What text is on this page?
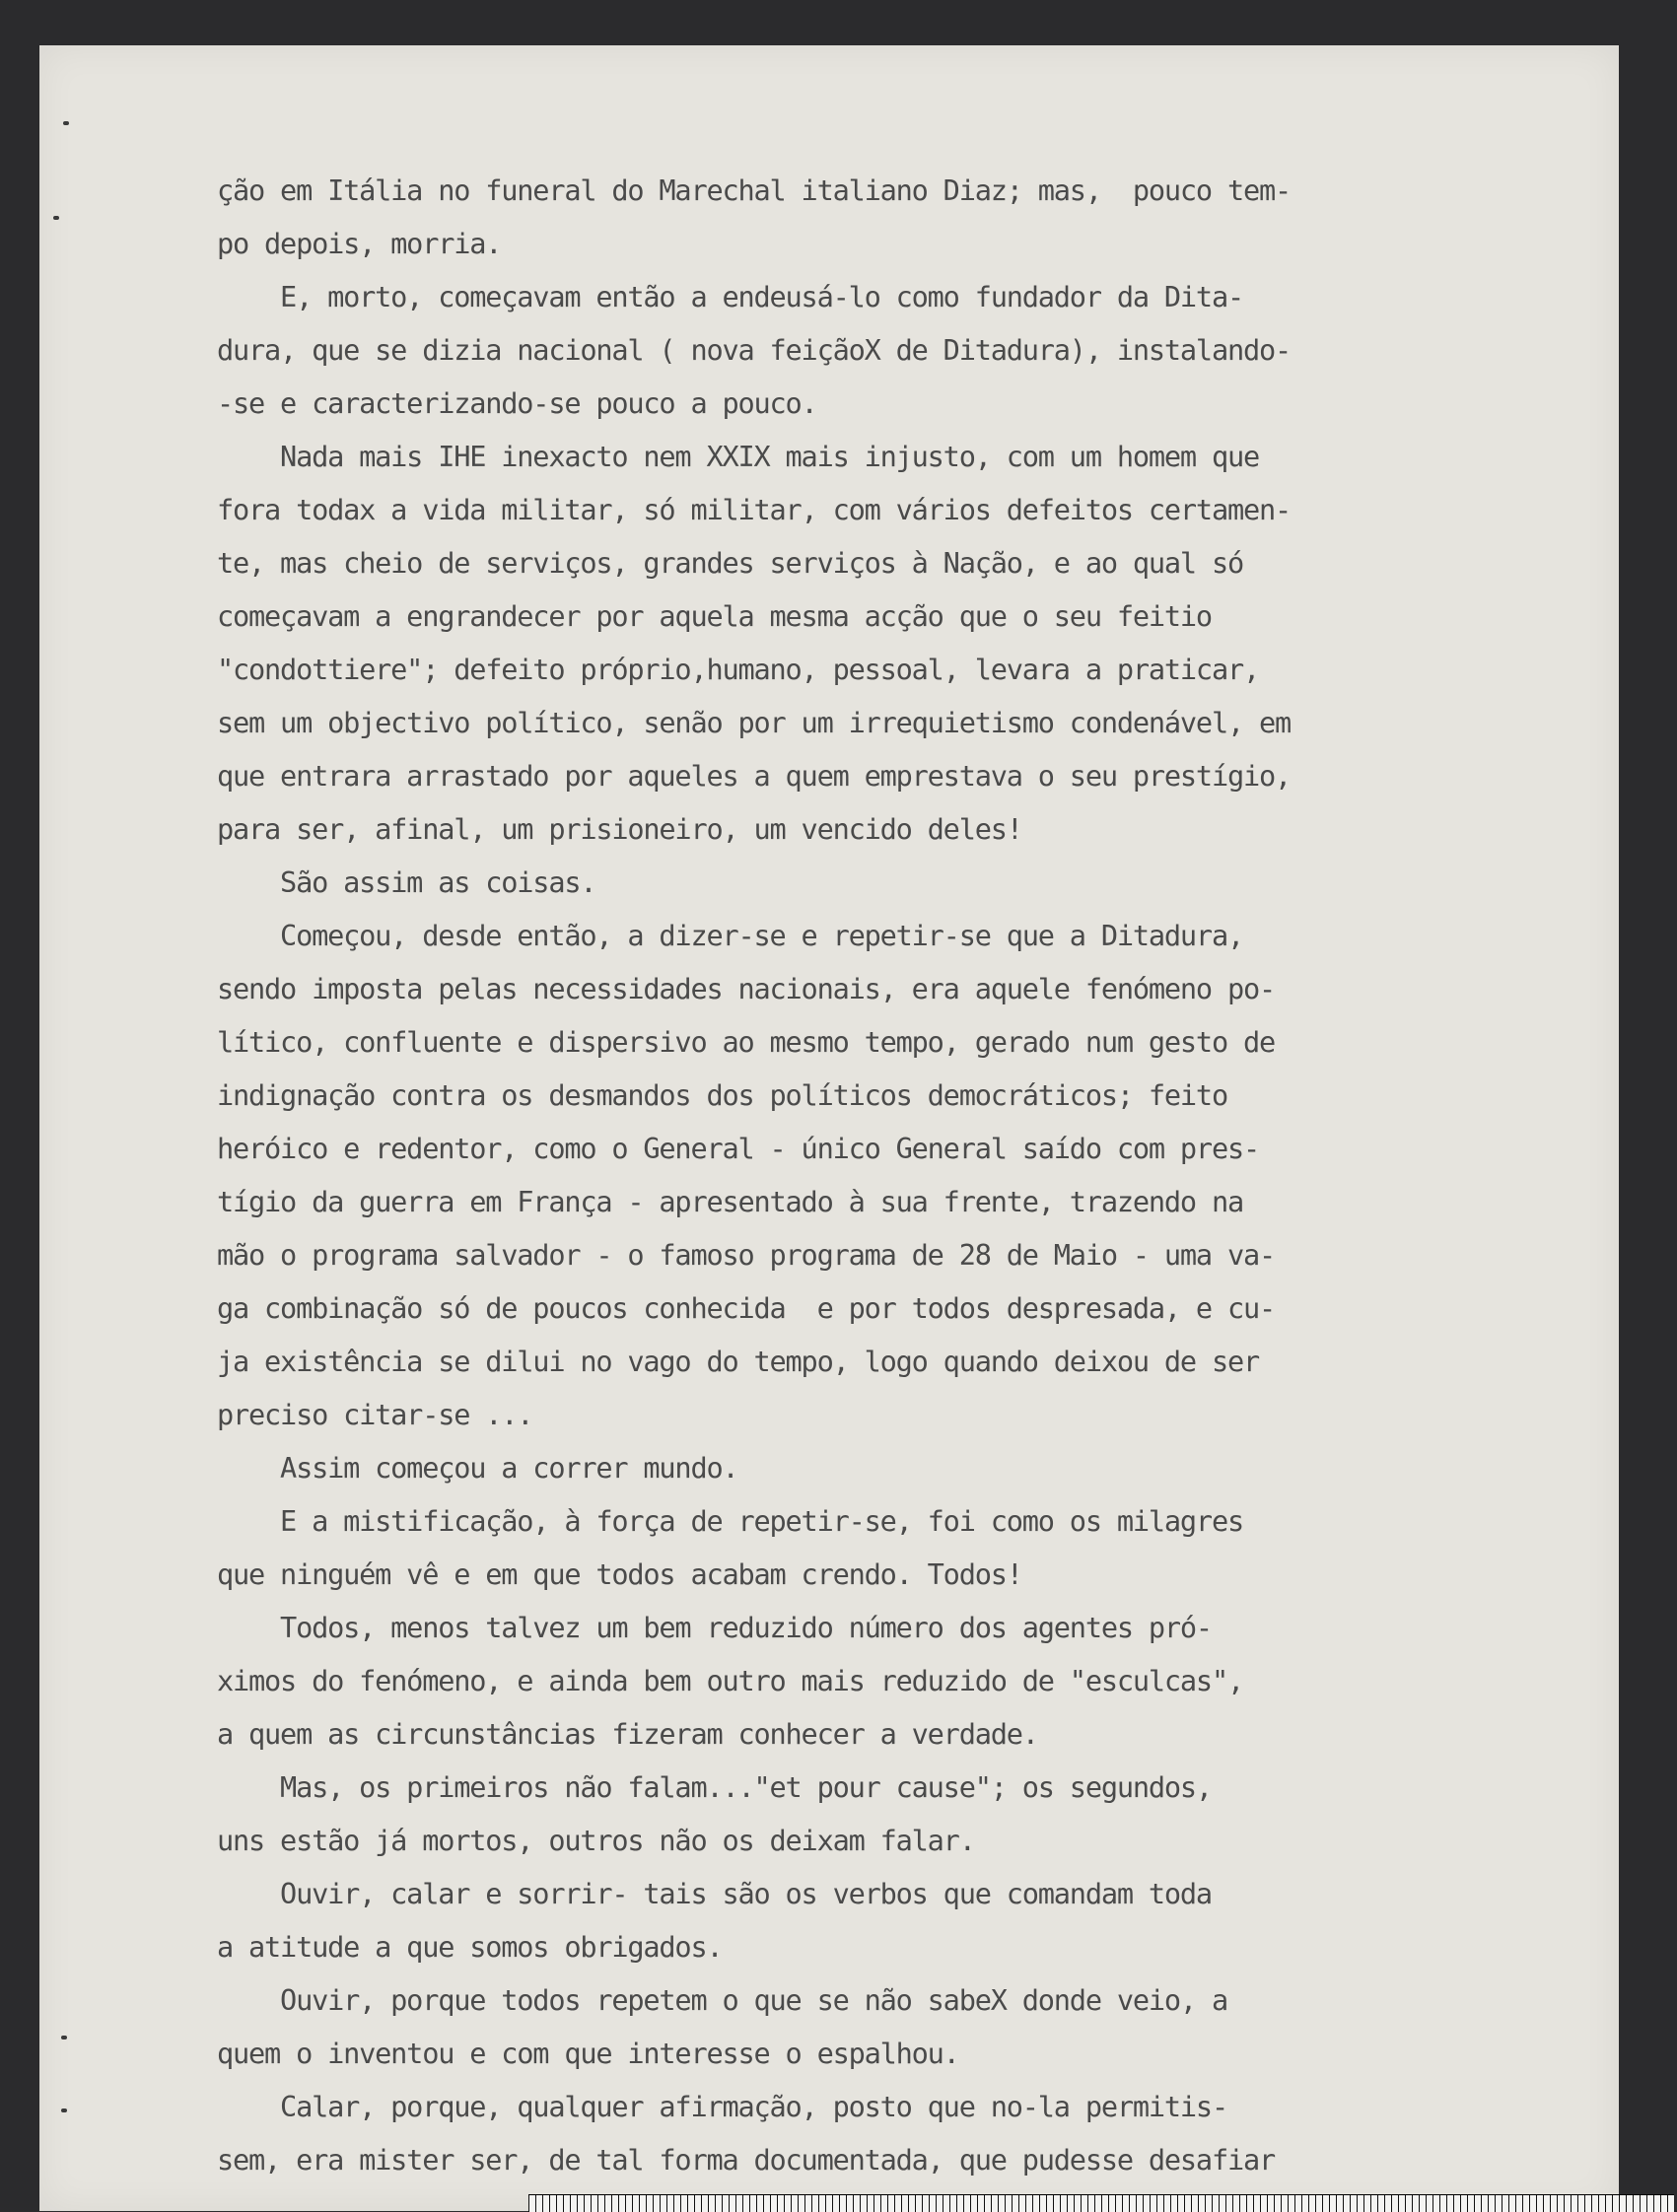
ção em Itália no funeral do Marechal italiano Diaz; mas,  pouco tem-
po depois, morria.
E, morto, começavam então a endeusá-lo como fundador da Dita-
dura, que se dizia nacional ( nova feiçãoX de Ditadura), instalando-
-se e caracterizando-se pouco a pouco.
Nada mais IHE inexacto nem XXIX mais injusto, com um homem que
fora todax a vida militar, só militar, com vários defeitos certamen-
te, mas cheio de serviços, grandes serviços à Nação, e ao qual só
começavam a engrandecer por aquela mesma acção que o seu feitio
"condottiere"; defeito próprio,humano, pessoal, levara a praticar,
sem um objectivo político, senão por um irrequietismo condenável, em
que entrara arrastado por aqueles a quem emprestava o seu prestígio,
para ser, afinal, um prisioneiro, um vencido deles!
São assim as coisas.
Começou, desde então, a dizer-se e repetir-se que a Ditadura,
sendo imposta pelas necessidades nacionais, era aquele fenómeno po-
lítico, confluente e dispersivo ao mesmo tempo, gerado num gesto de
indignação contra os desmandos dos políticos democráticos; feito
heróico e redentor, como o General - único General saído com pres-
tígio da guerra em França - apresentado à sua frente, trazendo na
mão o programa salvador - o famoso programa de 28 de Maio - uma va-
ga combinação só de poucos conhecida  e por todos despresada, e cu-
ja existência se dilui no vago do tempo, logo quando deixou de ser
preciso citar-se ...
Assim começou a correr mundo.
E a mistificação, à força de repetir-se, foi como os milagres
que ninguém vê e em que todos acabam crendo. Todos!
Todos, menos talvez um bem reduzido número dos agentes pró-
ximos do fenómeno, e ainda bem outro mais reduzido de "esculcas",
a quem as circunstâncias fizeram conhecer a verdade.
Mas, os primeiros não falam..."et pour cause"; os segundos,
uns estão já mortos, outros não os deixam falar.
Ouvir, calar e sorrir- tais são os verbos que comandam toda
a atitude a que somos obrigados.
Ouvir, porque todos repetem o que se não sabeX donde veio, a
quem o inventou e com que interesse o espalhou.
Calar, porque, qualquer afirmação, posto que no-la permitis-
sem, era mister ser, de tal forma documentada, que pudesse desafiar
